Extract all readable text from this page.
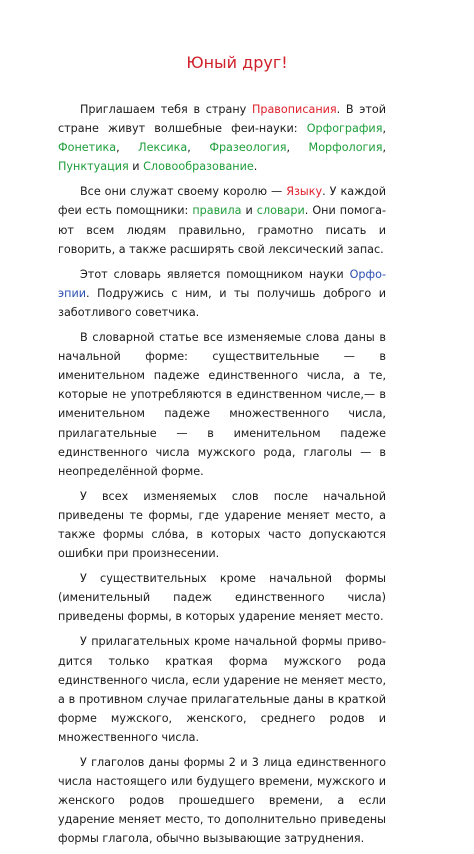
Юный друг!

Приглашаем тебя в страну Правописания. В этой стране живут волшебные феи-науки: Орфография, Фонетика, Лексика, Фразеология, Морфология, Пунктуация и Словообразование.

Все они служат своему королю — Языку. У каждой феи есть помощники: правила и словари. Они помогают всем людям правильно, грамотно писать и говорить, а также расширять свой лексический запас.

Этот словарь является помощником науки Орфоэпии. Подружись с ним, и ты получишь доброго и заботливого советчика.

В словарной статье все изменяемые слова даны в начальной форме: существительные — в именительном падеже единственного числа, а те, которые не употребляются в единственном числе,— в именительном падеже множественного числа, прилагательные — в именительном падеже единственного числа мужского рода, глаголы — в неопределённой форме.

У всех изменяемых слов после начальной приведены те формы, где ударение меняет место, а также формы сло́ва, в которых часто допускаются ошибки при произнесении.

У существительных кроме начальной формы (именительный падеж единственного числа) приведены формы, в которых ударение меняет место.

У прилагательных кроме начальной формы приводится только краткая форма мужского рода единственного числа, если ударение не меняет место, а в противном случае прилагательные даны в краткой форме мужского, женского, среднего родов и множественного числа.

У глаголов даны формы 2 и 3 лица единственного числа настоящего или будущего времени, мужского и женского родов прошедшего времени, а если ударение меняет место, то дополнительно приведены формы глагола, обычно вызывающие затруднения.
